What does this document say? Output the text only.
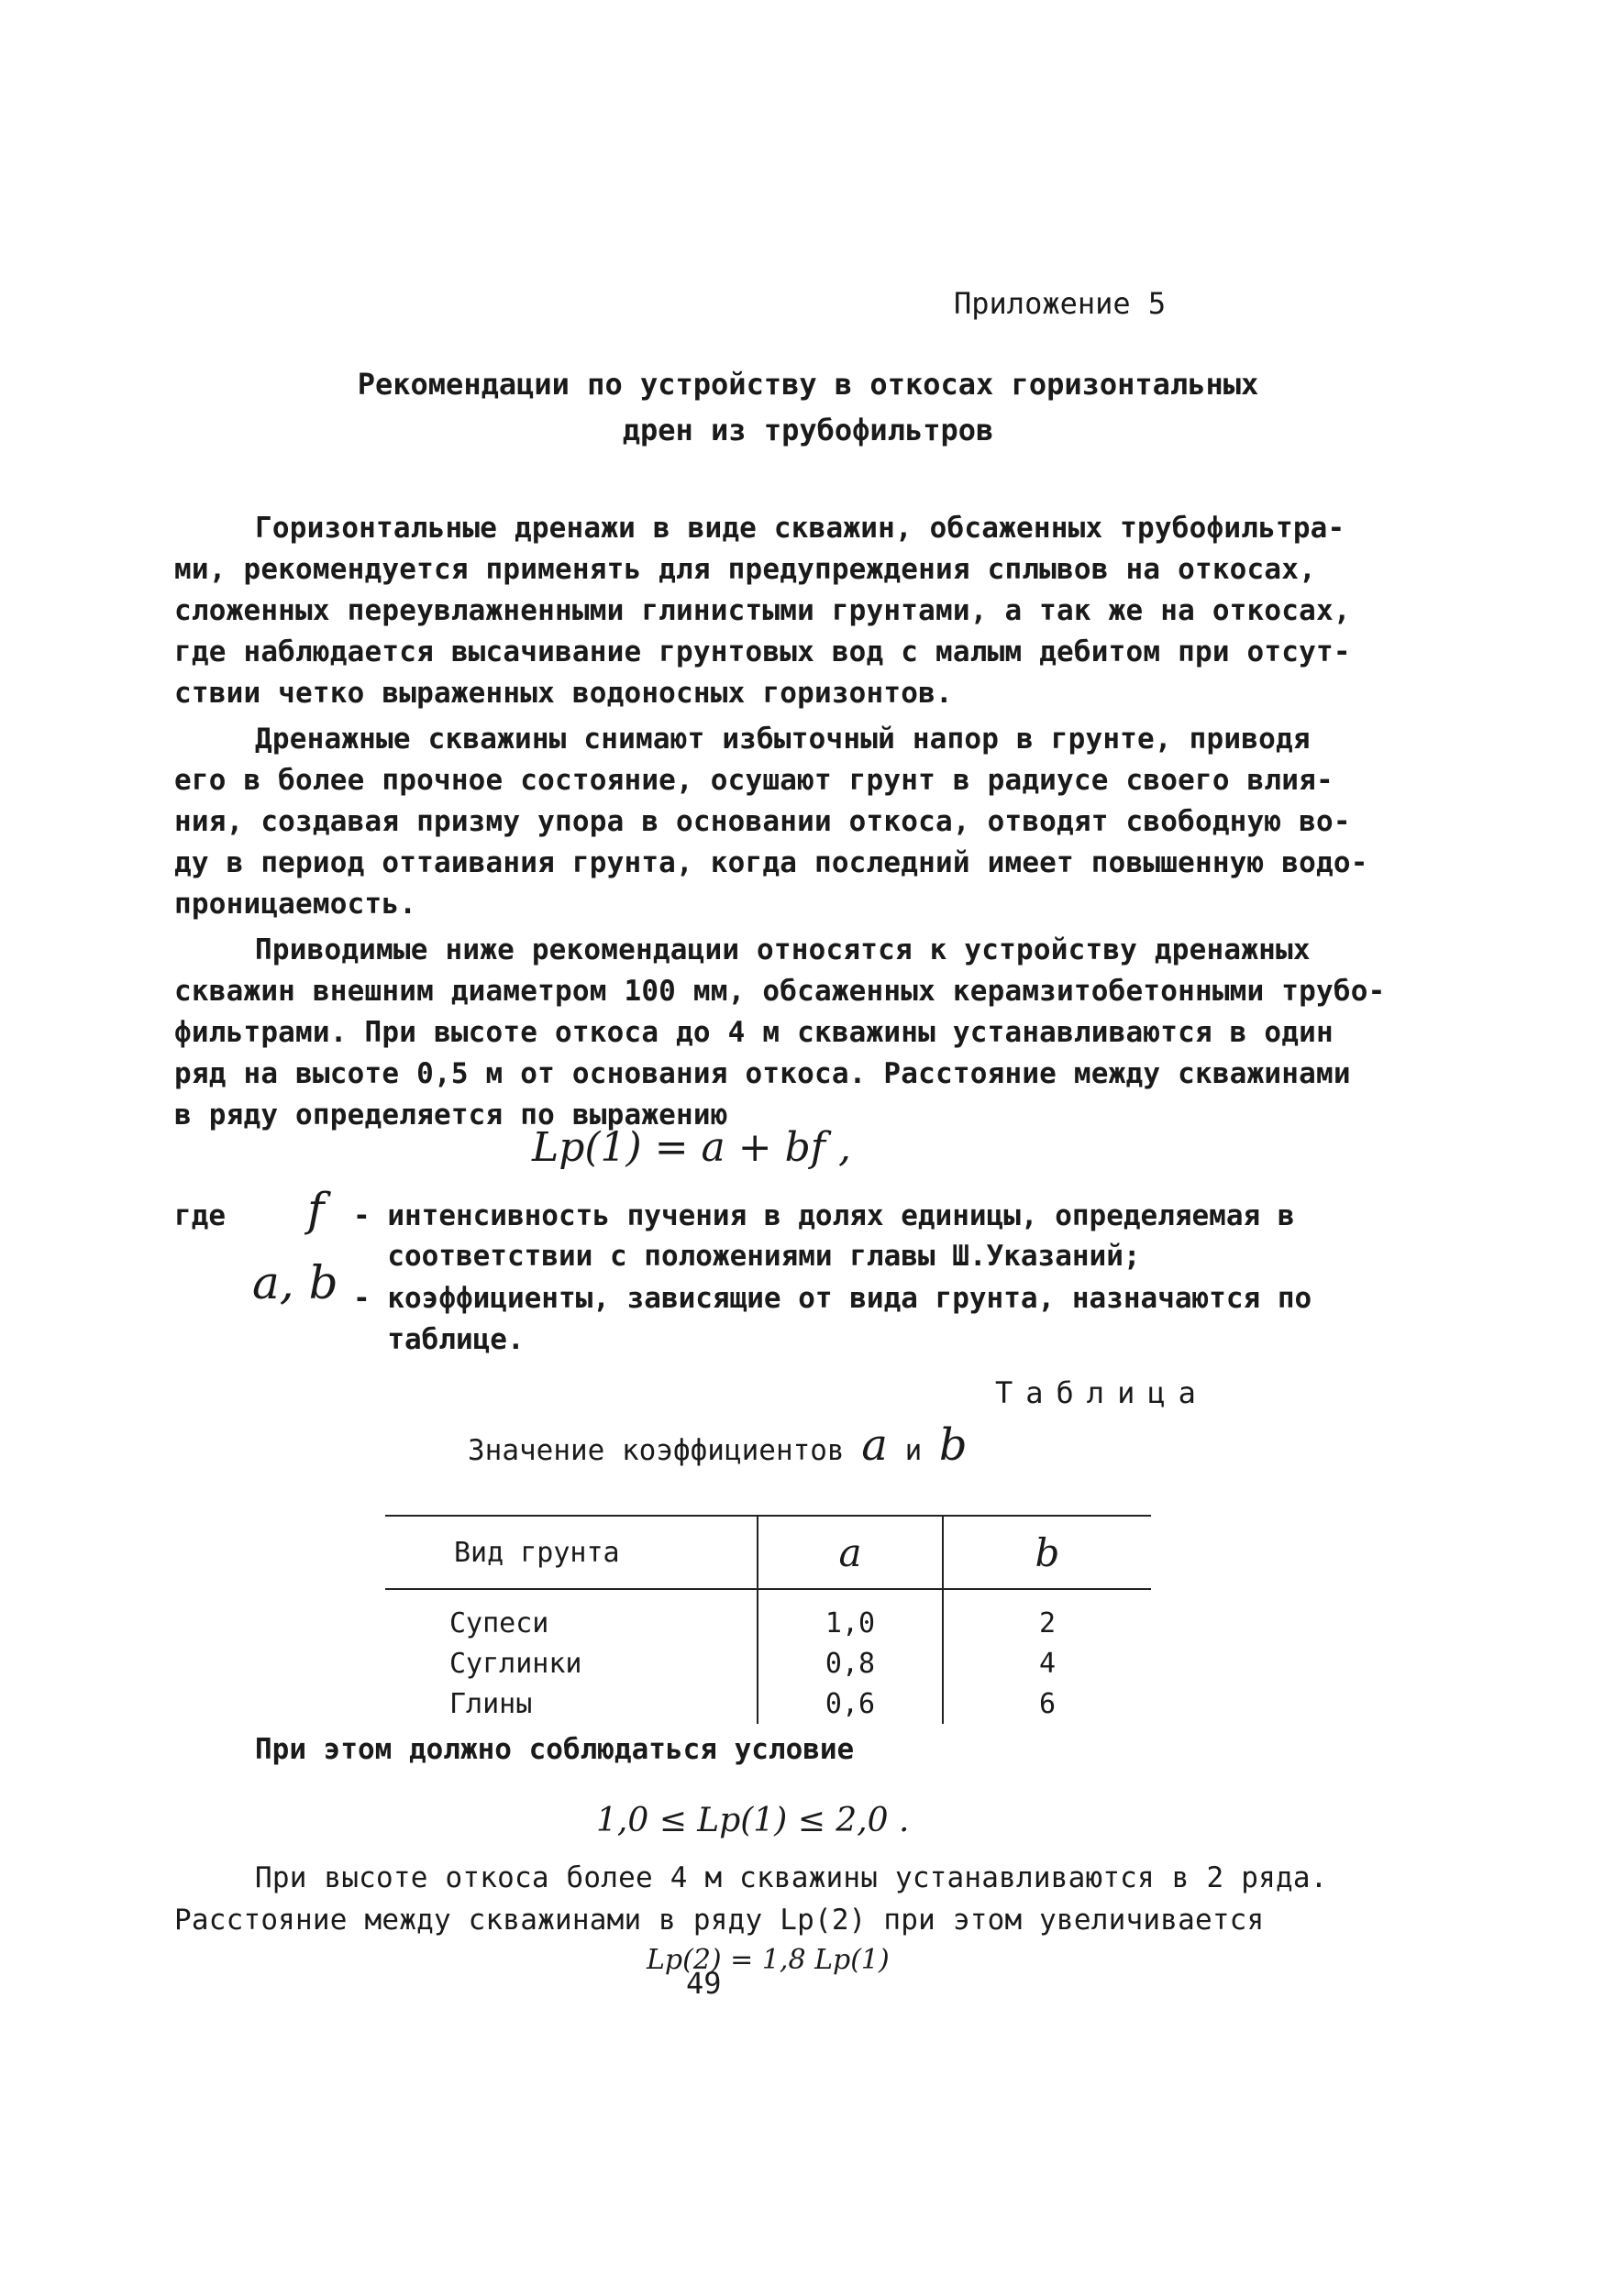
Приложение 5
Рекомендации по устройству в откосах горизонтальных
дрен из трубофильтров
Горизонтальные дренажи в виде скважин, обсаженных трубофильтра-
ми, рекомендуется применять для предупреждения сплывов на откосах,
сложенных переувлажненными глинистыми грунтами, а так же на откосах,
где наблюдается высачивание грунтовых вод с малым дебитом при отсут-
ствии четко выраженных водоносных горизонтов.
Дренажные скважины снимают избыточный напор в грунте, приводя
его в более прочное состояние, осушают грунт в радиусе своего влия-
ния, создавая призму упора в основании откоса, отводят свободную во-
ду в период оттаивания грунта, когда последний имеет повышенную водо-
проницаемость.
Приводимые ниже рекомендации относятся к устройству дренажных
скважин внешним диаметром 100 мм, обсаженных керамзитобетонными трубо-
фильтрами. При высоте откоса до 4 м скважины устанавливаются в один
ряд на высоте 0,5 м от основания откоса. Расстояние между скважинами
в ряду определяется по выражению
Lр(1) = a + bf ,
где f - интенсивность пучения в долях единицы, определяемая в
соответствии с положениями главы Ш.Указаний;
a, b - коэффициенты, зависящие от вида грунта, назначаются по
таблице.
Таблица
Значение коэффициентов a и b
Вид грунта	a	b
Супеси	1,0	2
Суглинки	0,8	4
Глины	0,6	6
При этом должно соблюдаться условие
1,0 ≤ Lр(1) ≤ 2,0 .
При высоте откоса более 4 м скважины устанавливаются в 2 ряда.
Расстояние между скважинами в ряду Lр(2) при этом увеличивается
Lр(2) = 1,8 Lр(1)
49
